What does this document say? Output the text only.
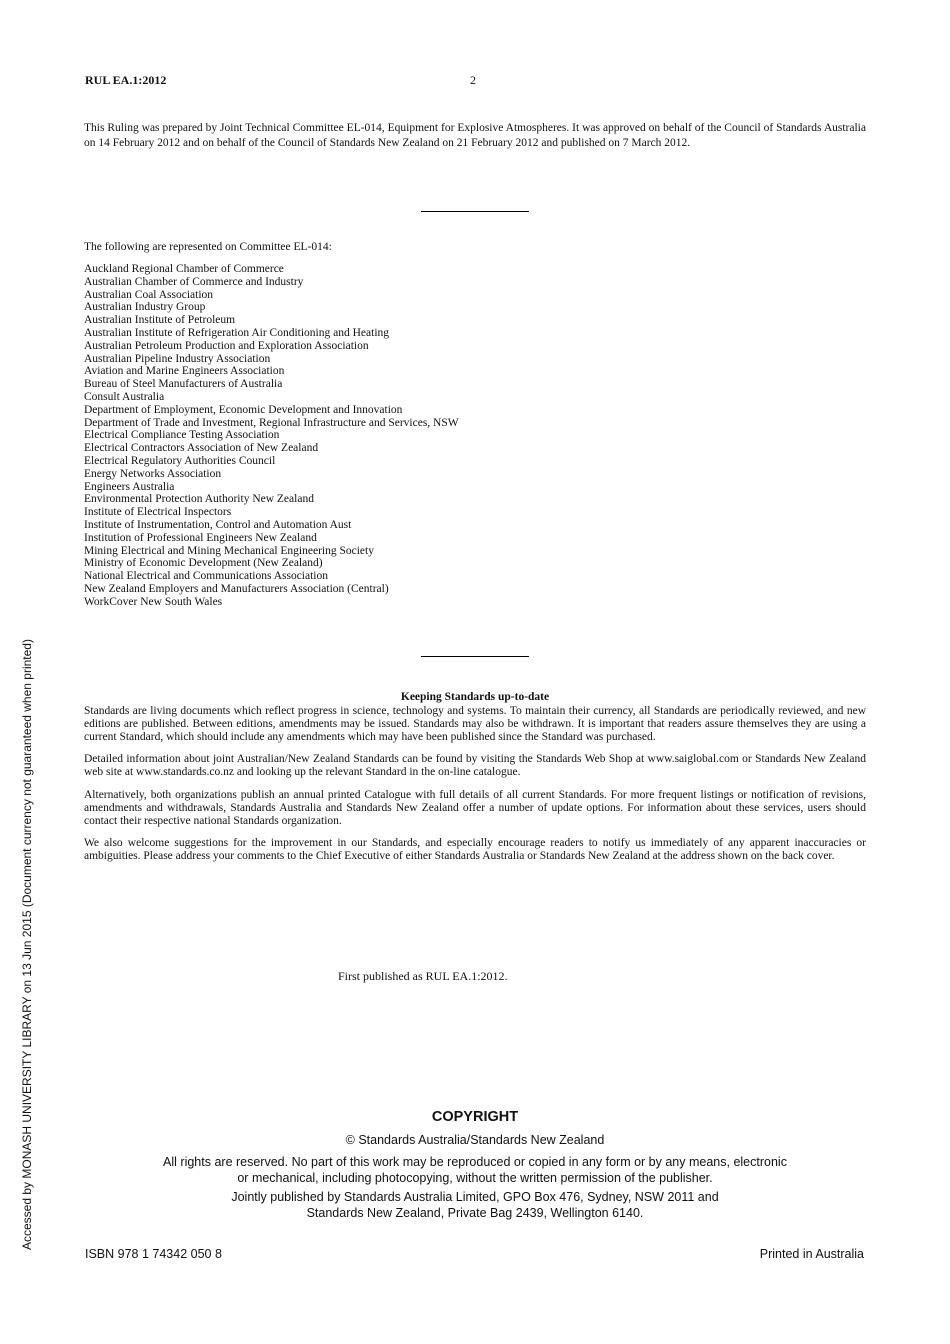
RUL EA.1:2012	2
This Ruling was prepared by Joint Technical Committee EL-014, Equipment for Explosive Atmospheres. It was approved on behalf of the Council of Standards Australia on 14 February 2012 and on behalf of the Council of Standards New Zealand on 21 February 2012 and published on 7 March 2012.
The following are represented on Committee EL-014:
Auckland Regional Chamber of Commerce
Australian Chamber of Commerce and Industry
Australian Coal Association
Australian Industry Group
Australian Institute of Petroleum
Australian Institute of Refrigeration Air Conditioning and Heating
Australian Petroleum Production and Exploration Association
Australian Pipeline Industry Association
Aviation and Marine Engineers Association
Bureau of Steel Manufacturers of Australia
Consult Australia
Department of Employment, Economic Development and Innovation
Department of Trade and Investment, Regional Infrastructure and Services, NSW
Electrical Compliance Testing Association
Electrical Contractors Association of New Zealand
Electrical Regulatory Authorities Council
Energy Networks Association
Engineers Australia
Environmental Protection Authority New Zealand
Institute of Electrical Inspectors
Institute of Instrumentation, Control and Automation Aust
Institution of Professional Engineers New Zealand
Mining Electrical and Mining Mechanical Engineering Society
Ministry of Economic Development (New Zealand)
National Electrical and Communications Association
New Zealand Employers and Manufacturers Association (Central)
WorkCover New South Wales
Keeping Standards up-to-date

Standards are living documents which reflect progress in science, technology and systems. To maintain their currency, all Standards are periodically reviewed, and new editions are published. Between editions, amendments may be issued. Standards may also be withdrawn. It is important that readers assure themselves they are using a current Standard, which should include any amendments which may have been published since the Standard was purchased.

Detailed information about joint Australian/New Zealand Standards can be found by visiting the Standards Web Shop at www.saiglobal.com or Standards New Zealand web site at www.standards.co.nz and looking up the relevant Standard in the on-line catalogue.

Alternatively, both organizations publish an annual printed Catalogue with full details of all current Standards. For more frequent listings or notification of revisions, amendments and withdrawals, Standards Australia and Standards New Zealand offer a number of update options. For information about these services, users should contact their respective national Standards organization.

We also welcome suggestions for the improvement in our Standards, and especially encourage readers to notify us immediately of any apparent inaccuracies or ambiguities. Please address your comments to the Chief Executive of either Standards Australia or Standards New Zealand at the address shown on the back cover.

First published as RUL EA.1:2012.
COPYRIGHT
© Standards Australia/Standards New Zealand
All rights are reserved. No part of this work may be reproduced or copied in any form or by any means, electronic
or mechanical, including photocopying, without the written permission of the publisher.
Jointly published by Standards Australia Limited, GPO Box 476, Sydney, NSW 2011 and
Standards New Zealand, Private Bag 2439, Wellington 6140.
ISBN 978 1 74342 050 8	Printed in Australia
Accessed by MONASH UNIVERSITY LIBRARY on 13 Jun 2015 (Document currency not guaranteed when printed)
